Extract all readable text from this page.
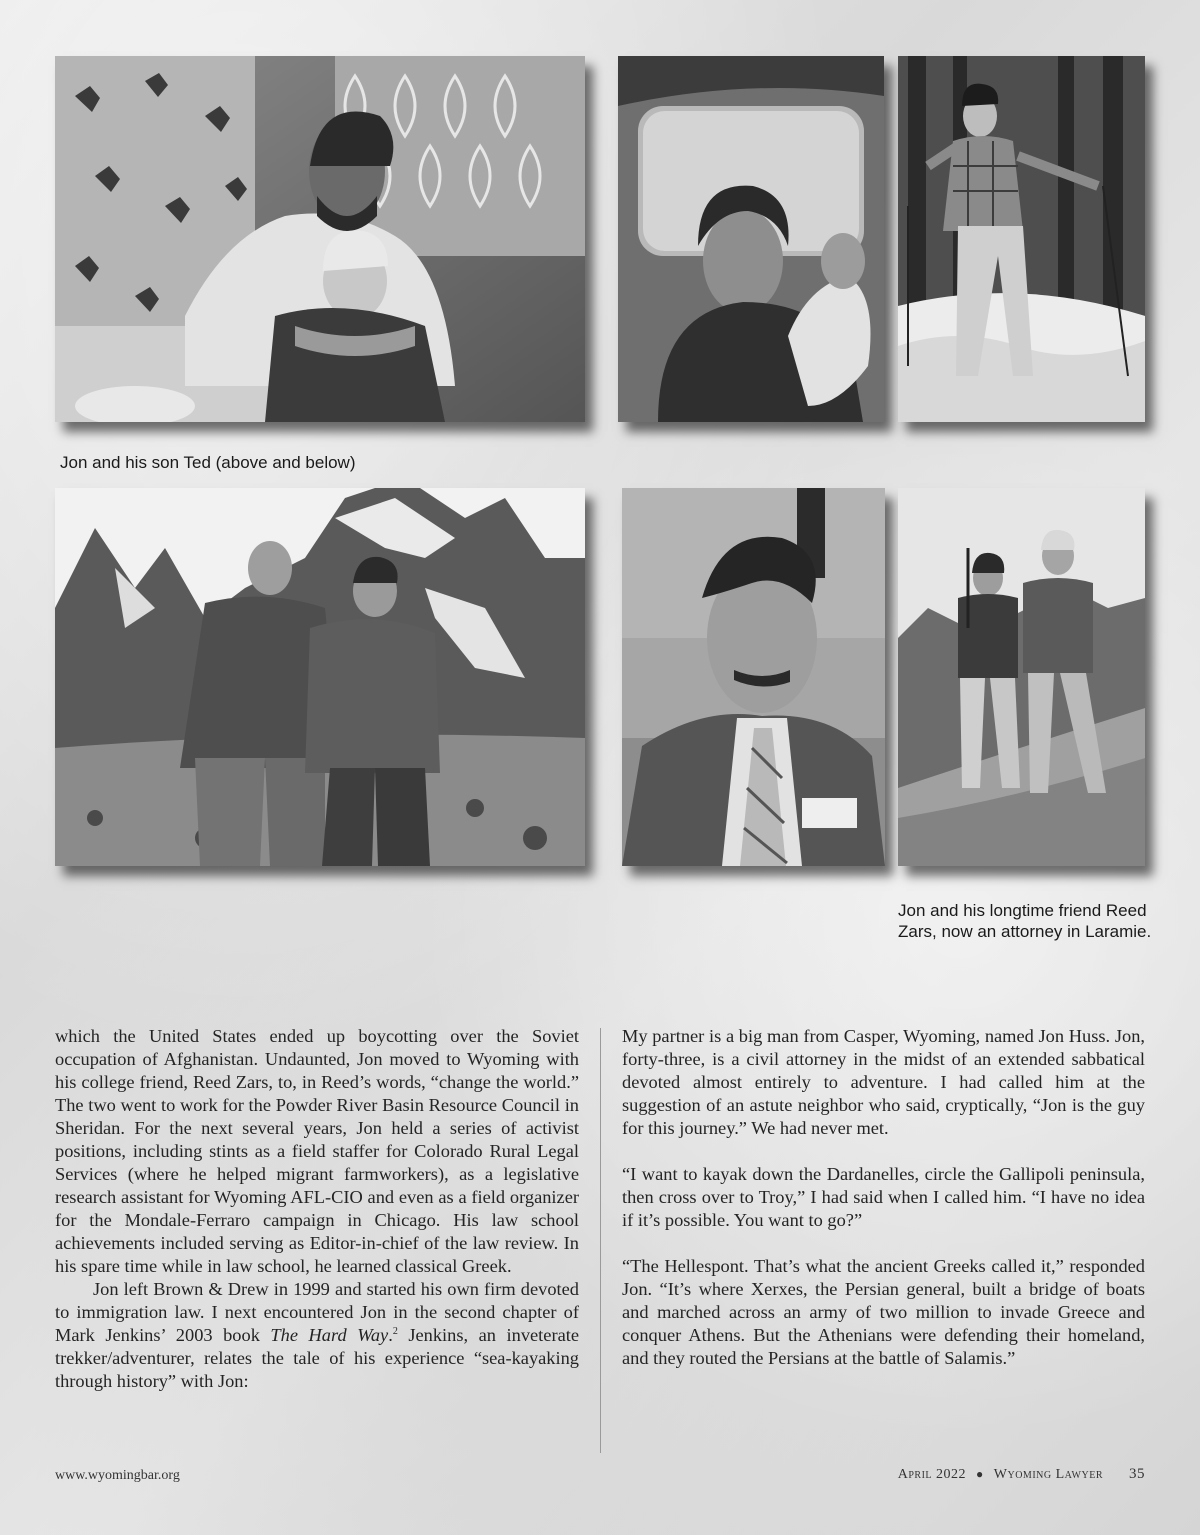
Jon and his son Ted (above and below)
Jon and his longtime friend Reed
Zars, now an attorney in Laramie.

which the United States ended up boycotting over the Soviet occupation of Afghanistan. Undaunted, Jon moved to Wyoming with his college friend, Reed Zars, to, in Reed’s words, “change the world.” The two went to work for the Powder River Basin Resource Council in Sheridan. For the next several years, Jon held a series of activist positions, including stints as a field staffer for Colorado Rural Legal Services (where he helped migrant farmworkers), as a legislative research assistant for Wyoming AFL-CIO and even as a field organizer for the Mondale-Ferraro campaign in Chicago. His law school achievements included serving as Editor-in-chief of the law review. In his spare time while in law school, he learned classical Greek.

Jon left Brown & Drew in 1999 and started his own firm devoted to immigration law. I next encountered Jon in the second chapter of Mark Jenkins’ 2003 book The Hard Way.$^2$ Jenkins, an inveterate trekker/adventurer, relates the tale of his experience “sea-kayaking through history” with Jon:

My partner is a big man from Casper, Wyoming, named Jon Huss. Jon, forty-three, is a civil attorney in the midst of an extended sabbatical devoted almost entirely to adventure. I had called him at the suggestion of an astute neighbor who said, cryptically, “Jon is the guy for this journey.” We had never met.

“I want to kayak down the Dardanelles, circle the Gallipoli peninsula, then cross over to Troy,” I had said when I called him. “I have no idea if it’s possible. You want to go?”

“The Hellespont. That’s what the ancient Greeks called it,” responded Jon. “It’s where Xerxes, the Persian general, built a bridge of boats and marched across an army of two million to invade Greece and conquer Athens. But the Athenians were defending their homeland, and they routed the Persians at the battle of Salamis.”

www.wyomingbar.org	April 2022 ● Wyoming Lawyer 35
